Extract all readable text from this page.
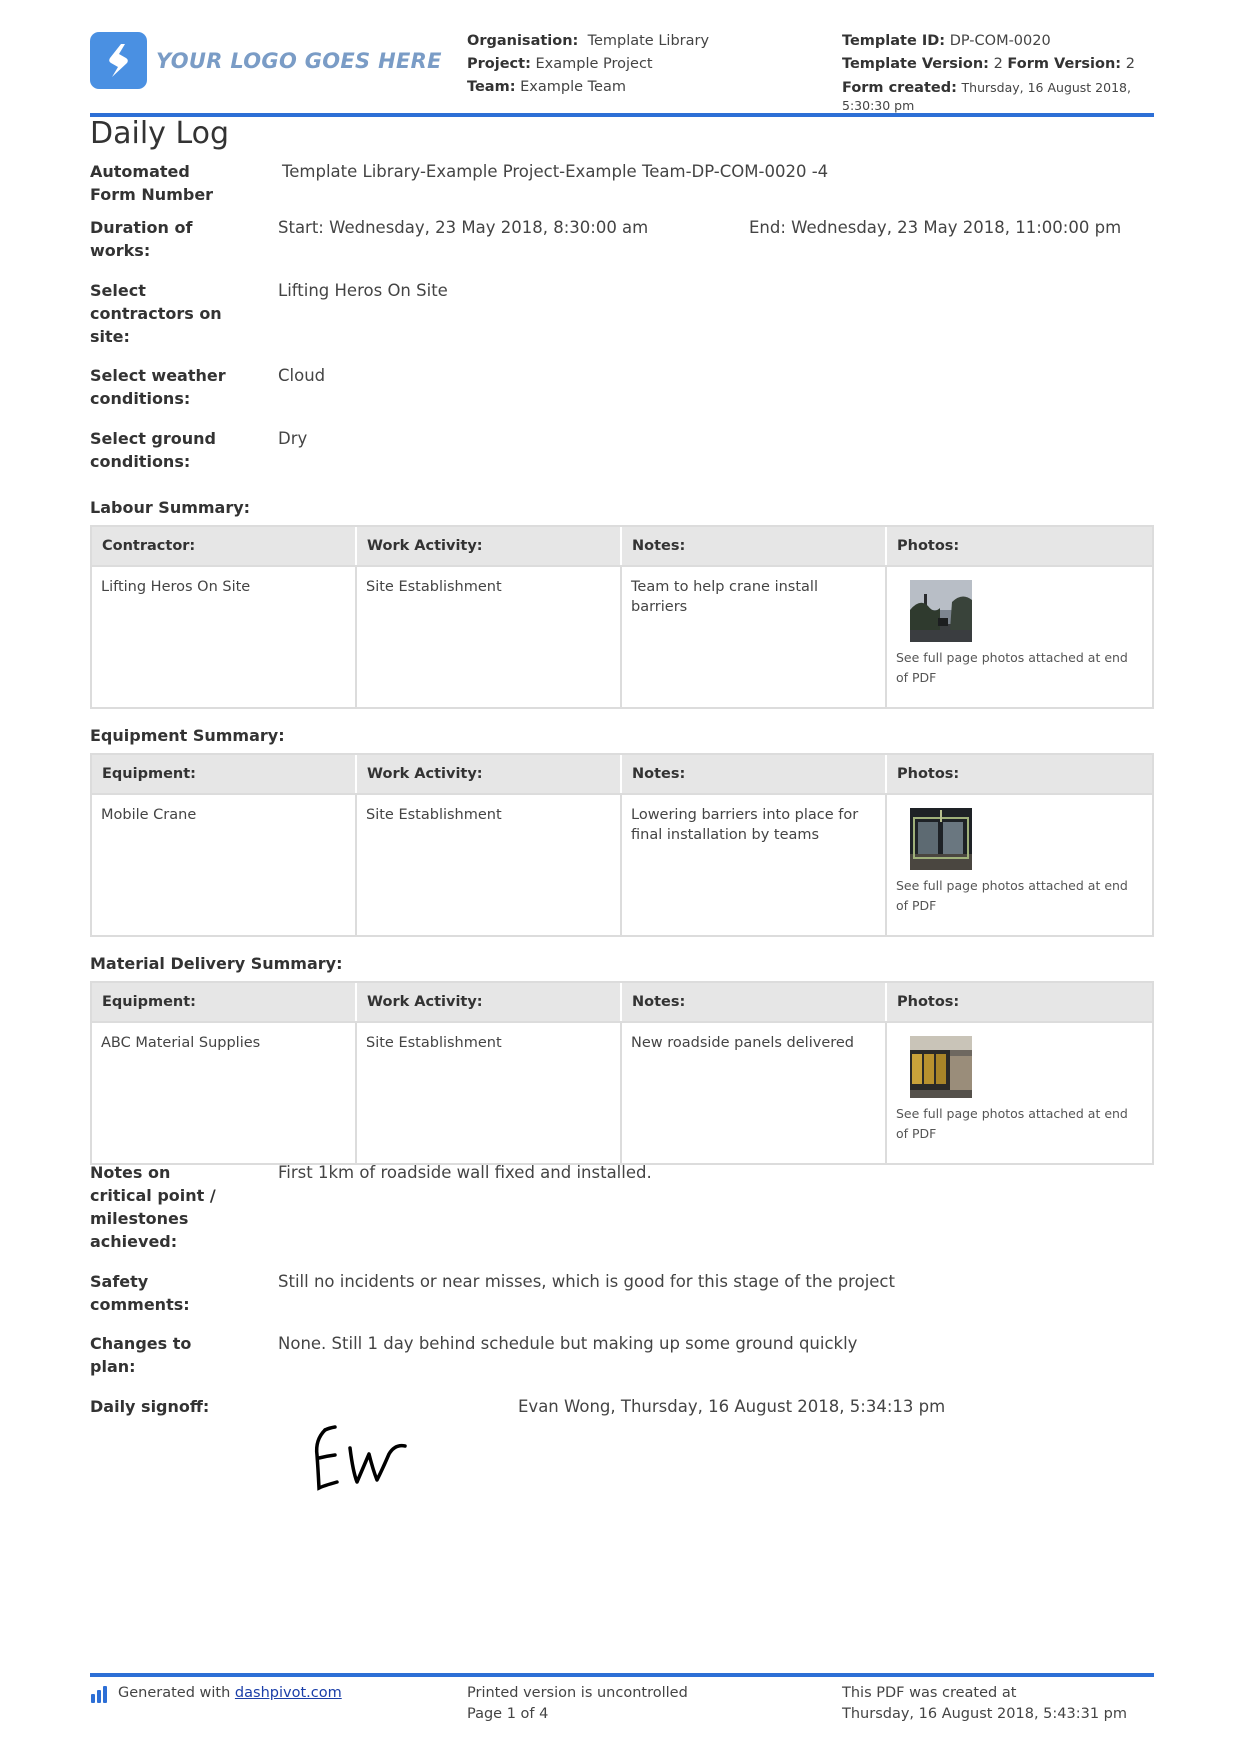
YOUR LOGO GOES HERE
Organisation: Template Library
Project: Example Project
Team: Example Team
Template ID: DP-COM-0020
Template Version: 2 Form Version: 2
Form created: Thursday, 16 August 2018, 5:30:30 pm
Daily Log
Automated Form Number
Template Library-Example Project-Example Team-DP-COM-0020 -4
Duration of works:
Start: Wednesday, 23 May 2018, 8:30:00 am	End: Wednesday, 23 May 2018, 11:00:00 pm
Select contractors on site:
Lifting Heros On Site
Select weather conditions:
Cloud
Select ground conditions:
Dry
Labour Summary:
Contractor:	Work Activity:	Notes:	Photos:
Lifting Heros On Site	Site Establishment	Team to help crane install barriers	See full page photos attached at end of PDF
Equipment Summary:
Equipment:	Work Activity:	Notes:	Photos:
Mobile Crane	Site Establishment	Lowering barriers into place for final installation by teams	See full page photos attached at end of PDF
Material Delivery Summary:
Equipment:	Work Activity:	Notes:	Photos:
ABC Material Supplies	Site Establishment	New roadside panels delivered	See full page photos attached at end of PDF
Notes on critical point / milestones achieved:
First 1km of roadside wall fixed and installed.
Safety comments:
Still no incidents or near misses, which is good for this stage of the project
Changes to plan:
None. Still 1 day behind schedule but making up some ground quickly
Daily signoff:	Evan Wong, Thursday, 16 August 2018, 5:34:13 pm
Generated with
dashpivot.com	Printed version is uncontrolled
Page 1 of 4
This PDF was created at
Thursday, 16 August 2018, 5:43:31 pm
